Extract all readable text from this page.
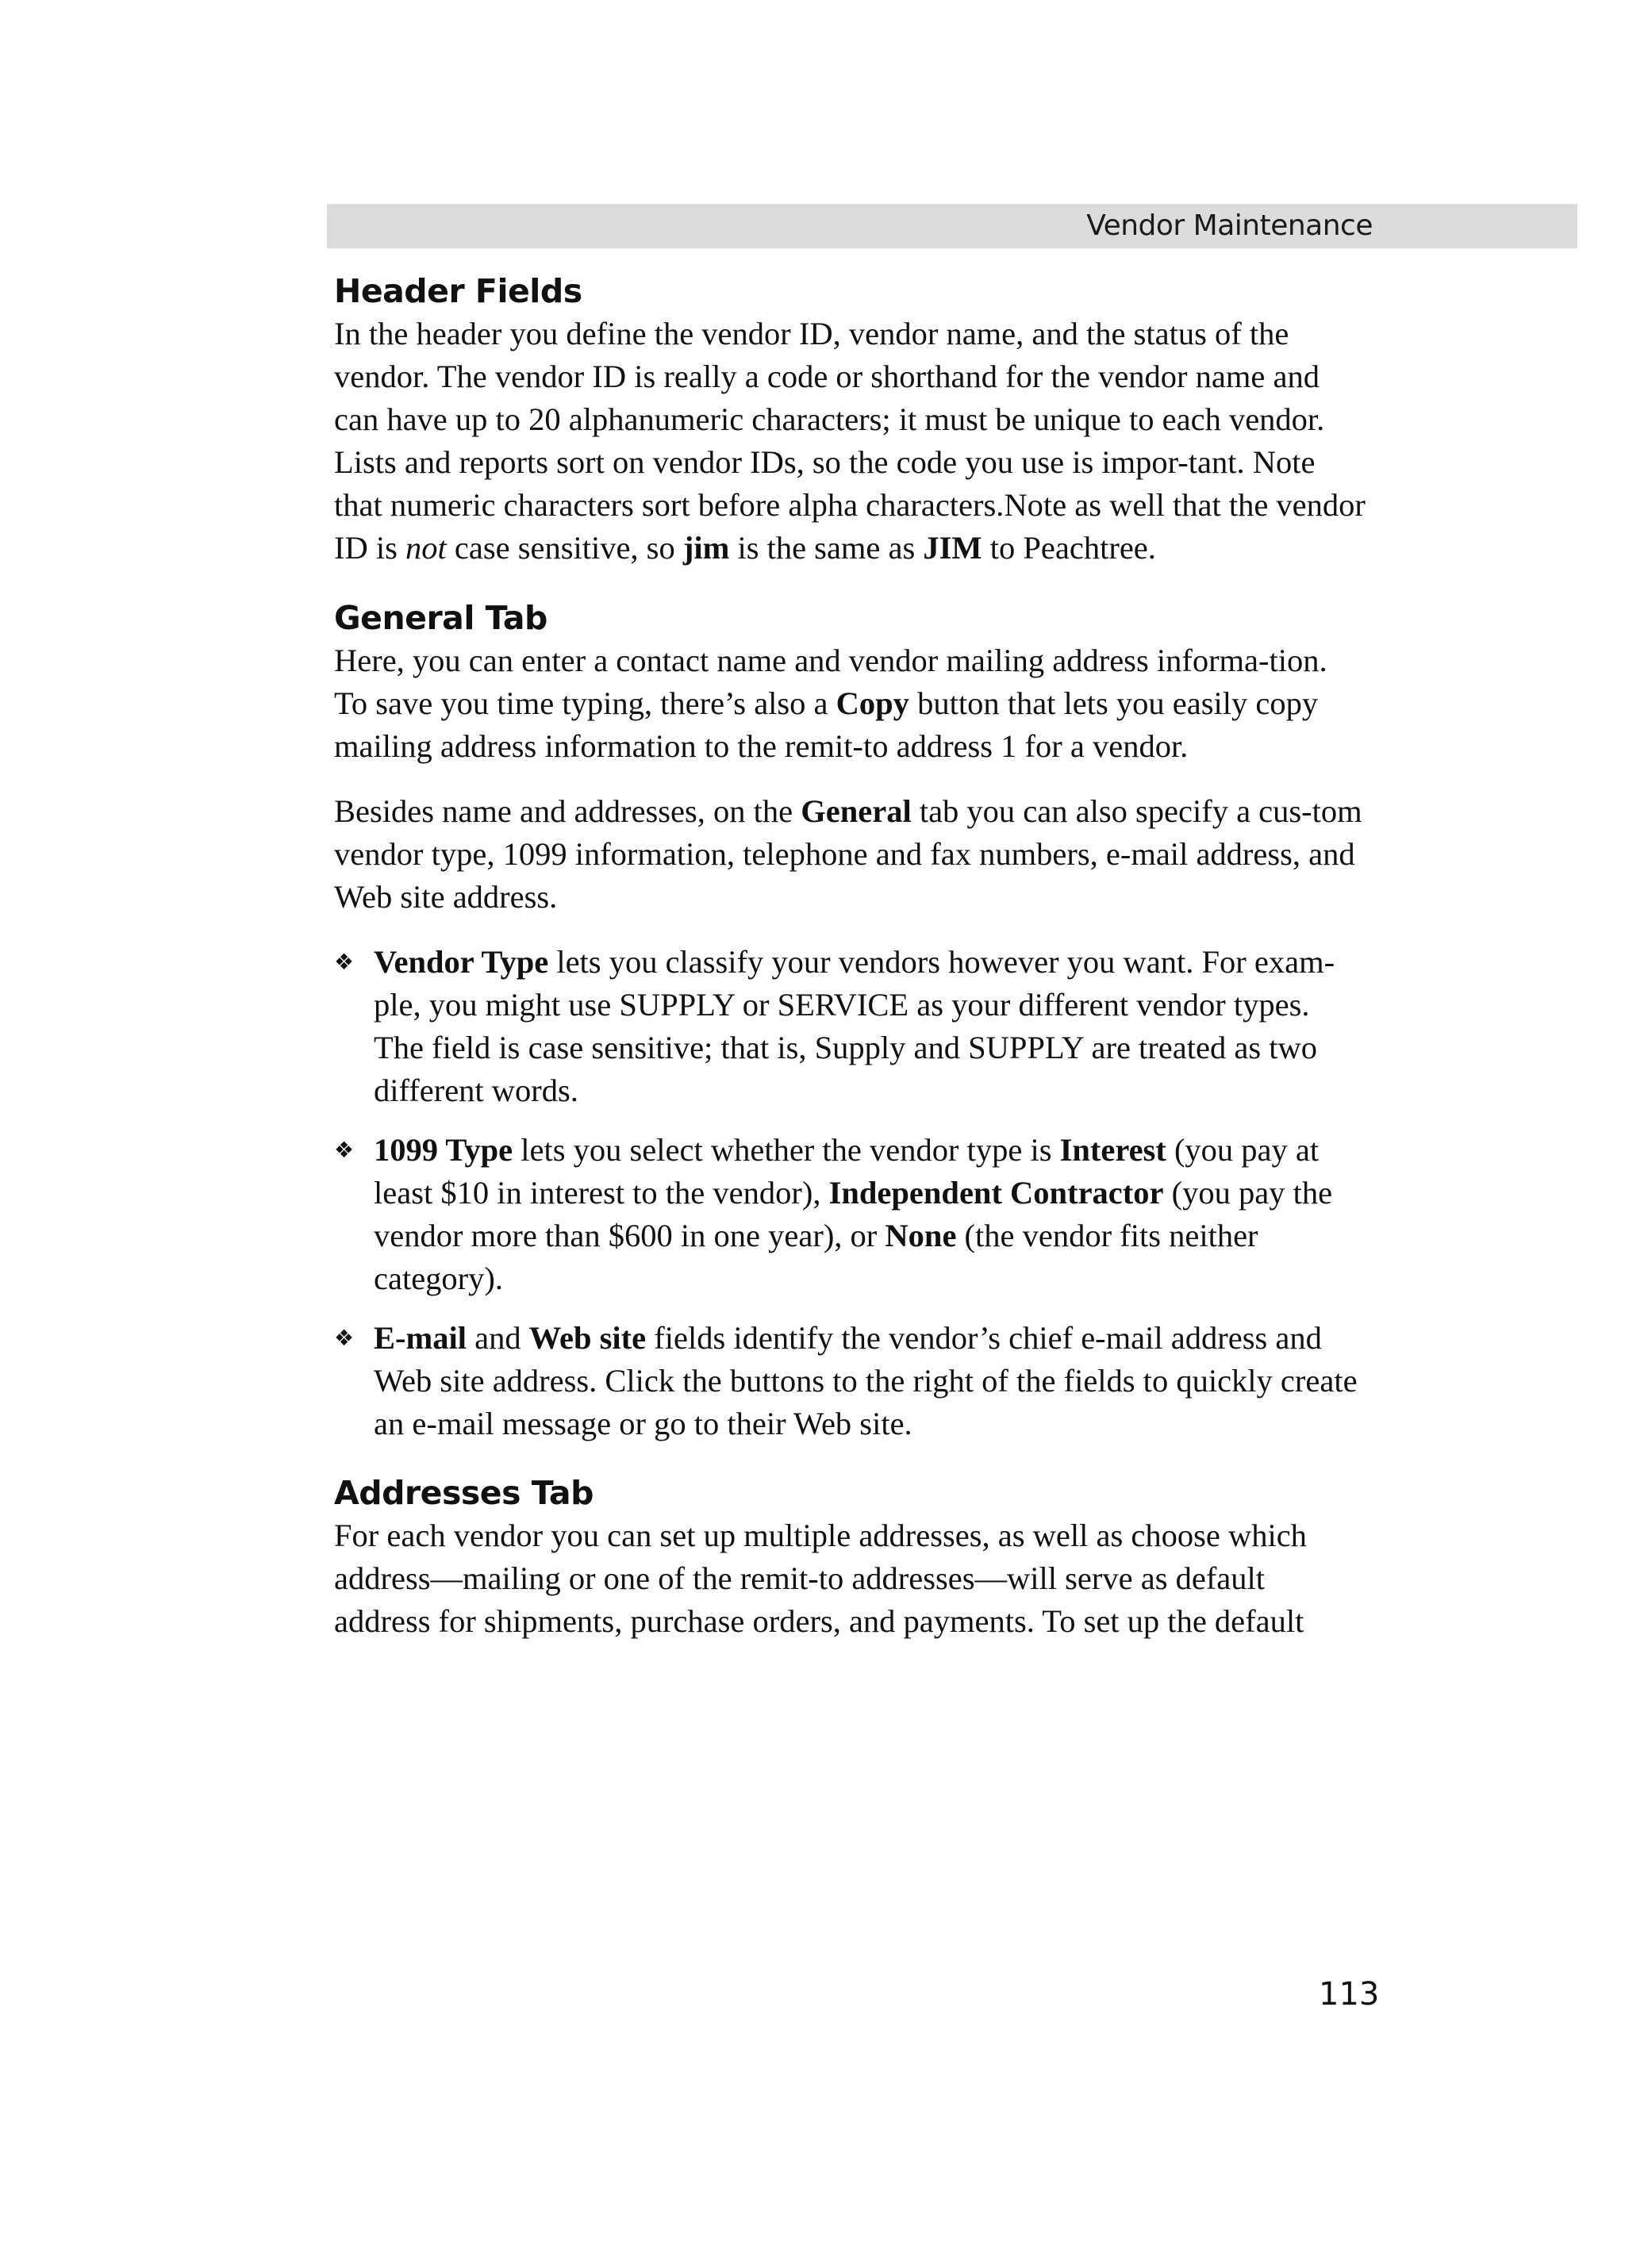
Vendor Maintenance
Header Fields

In the header you define the vendor ID, vendor name, and the status of the vendor. The vendor ID is really a code or shorthand for the vendor name and can have up to 20 alphanumeric characters; it must be unique to each vendor. Lists and reports sort on vendor IDs, so the code you use is impor-tant. Note that numeric characters sort before alpha characters.Note as well that the vendor ID is not case sensitive, so jim is the same as JIM to Peachtree.

General Tab

Here, you can enter a contact name and vendor mailing address informa-tion. To save you time typing, there’s also a Copy button that lets you easily copy mailing address information to the remit-to address 1 for a vendor.

Besides name and addresses, on the General tab you can also specify a cus-tom vendor type, 1099 information, telephone and fax numbers, e-mail address, and Web site address.

❖ Vendor Type lets you classify your vendors however you want. For exam-ple, you might use SUPPLY or SERVICE as your different vendor types. The field is case sensitive; that is, Supply and SUPPLY are treated as two different words.
❖ 1099 Type lets you select whether the vendor type is Interest (you pay at least $10 in interest to the vendor), Independent Contractor (you pay the vendor more than $600 in one year), or None (the vendor fits neither category).
❖ E-mail and Web site fields identify the vendor’s chief e-mail address and Web site address. Click the buttons to the right of the fields to quickly create an e-mail message or go to their Web site.
Addresses Tab

For each vendor you can set up multiple addresses, as well as choose which address—mailing or one of the remit-to addresses—will serve as default address for shipments, purchase orders, and payments. To set up the default

113
